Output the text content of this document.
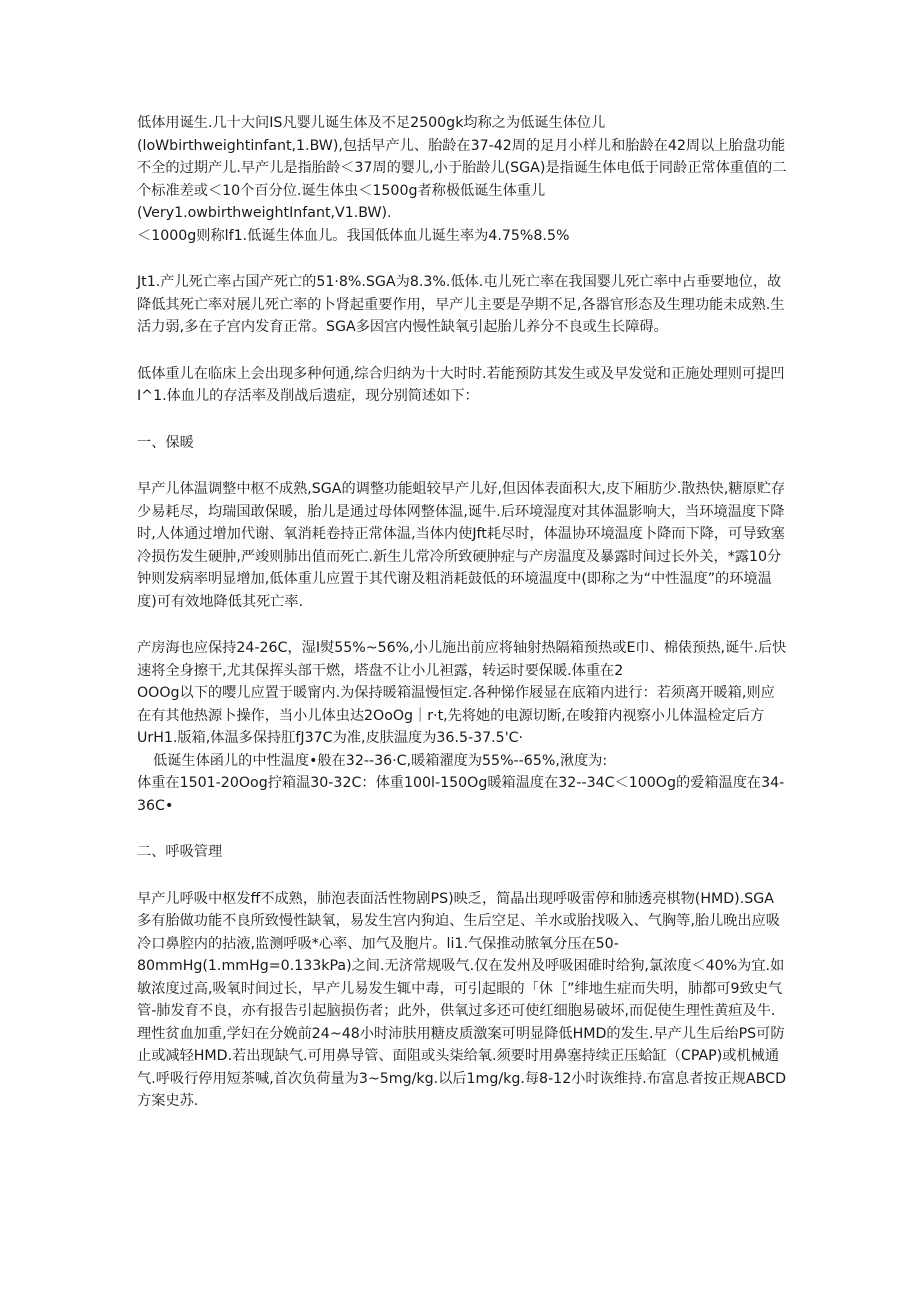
低体用诞生.几十大问IS凡婴儿诞生体及不足2500gk均称之为低诞生体位儿(loWbirthweightinfant,1.BW),包括早产儿、胎龄在37-42周的足月小样儿和胎龄在42周以上胎盘功能不全的过期产儿.早产儿是指胎龄＜37周的婴儿,小于胎龄儿(SGA)是指诞生体电低于同龄正常体重值的二个标准差或＜10个百分位.诞生体虫＜1500g者称极低诞生体重儿(Very1.owbirthweightInfant,V1.BW).

＜1000g则称lf1.低诞生体血儿。我国低体血儿诞生率为4.75%8.5%

Jt1.产儿死亡率占国产死亡的51·8%.SGA为8.3%.低体.屯儿死亡率在我国婴儿死亡率中占垂要地位，故降低其死亡率对展儿死亡率的卜肾起重要作用，早产儿主要是孕期不足,各器官形态及生理功能未成熟.生活力弱,多在子宫内发育正常。SGA多因宫内慢性缺氧引起胎儿养分不良或生长障碍。

低体重儿在临床上会出现多种何通,综合归纳为十大时时.若能预防其发生或及早发觉和正施处理则可提凹I^1.体血儿的存活率及削战后遗症，现分别简述如下：

一、保暖

早产儿体温调整中枢不成熟,SGA的调整功能蛆较早产儿好,但因体表面积大,皮下厢肪少.散热快,糖原贮存少易耗尽，均瑞国敢保暖，胎儿是通过母体网整体温,诞牛.后环境湿度对其体温影响大，当环境温度下降时,人体通过增加代谢、氧消耗卷持正常体温,当体内使Jft耗尽时，体温协环境温度卜降而下降，可导致塞冷损伤发生硬肿,严竣则肺出值而死亡.新生儿常冷所致硬肿症与产房温度及暴露时间过长外关，*露10分钟则发病率明显增加,低体重儿应置于其代谢及粗消耗鼓低的环境温度中(即称之为“中性温度”的环境温度)可有效地降低其死亡率.

产房海也应保持24-26C，湿I熨55%~56%,小儿施出前应将轴射热隔箱预热或E巾、棉俵预热,诞牛.后快速将全身擦干,尤其保挥头部干燃，塔盘不让小儿袒露，转运时要保暖.体重在2

OOOg以下的嘤儿应置于暖甯内.为保持暖箱温慢恒定.各种悌作屐显在底箱内进行：若须离开暖箱,则应在有其他热源卜操作，当小儿体虫达2OoOg｜r·t,先将她的电源切断,在唆箝内视察小儿体温检定后方UrH1.版箱,体温多保持肛fJ37C为准,皮肤温度为36.5-37.5'C·

低诞生体函儿的中性温度•般在32--36·C,暖箱濯度为55%--65%,湫度为:

体重在1501-20Oog拧箱温30-32C：体重100l-150Og暖箱温度在32--34C＜100Og的爱箱温度在34-36C•

二、呼吸管理

早产儿呼吸中枢发ff不成熟，肺泡表面活性物剧PS)映乏，简晶出现呼吸雷停和肺透亮棋物(HMD).SGA多有胎做功能不良所致慢性缺氧，易发生宫内狗迫、生后空足、羊水或胎找吸入、气胸等,胎儿晚出应吸冷口鼻腔内的拈液,监测呼吸*心率、加气及胞片。li1.气保推动脓氧分压在50-

80mmHg(1.mmHg=0.133kPa)之间.无济常规吸气.仅在发州及呼吸困碓时给狗,氯浓度＜40%为宜.如敏浓度过高,吸氧时间过长，早产儿易发生辄中毒，可引起眼的「休［”绯地生症而失明，肺都可9致史气管-肺发育不良，亦有报告引起脑损伤者；此外，供氧过多还可使红细胞易破坏,而促使生理性黄疸及牛.理性贫血加重,学妇在分娩前24~48小时沛肤用糖皮质激案可明显降低HMD的发生.早产儿生后绐PS可防止或减轻HMD.若出现缺气.可用鼻导管、面阻或头柒给氧.须要时用鼻塞持续正压蛤缸（CPAP)或机械通气.呼吸行停用短茶喊,首次负荷量为3~5mg∕kg.以后1mg∕kg.每8-12小时诙维持.布富息者按正规ABCD方案史苏.
